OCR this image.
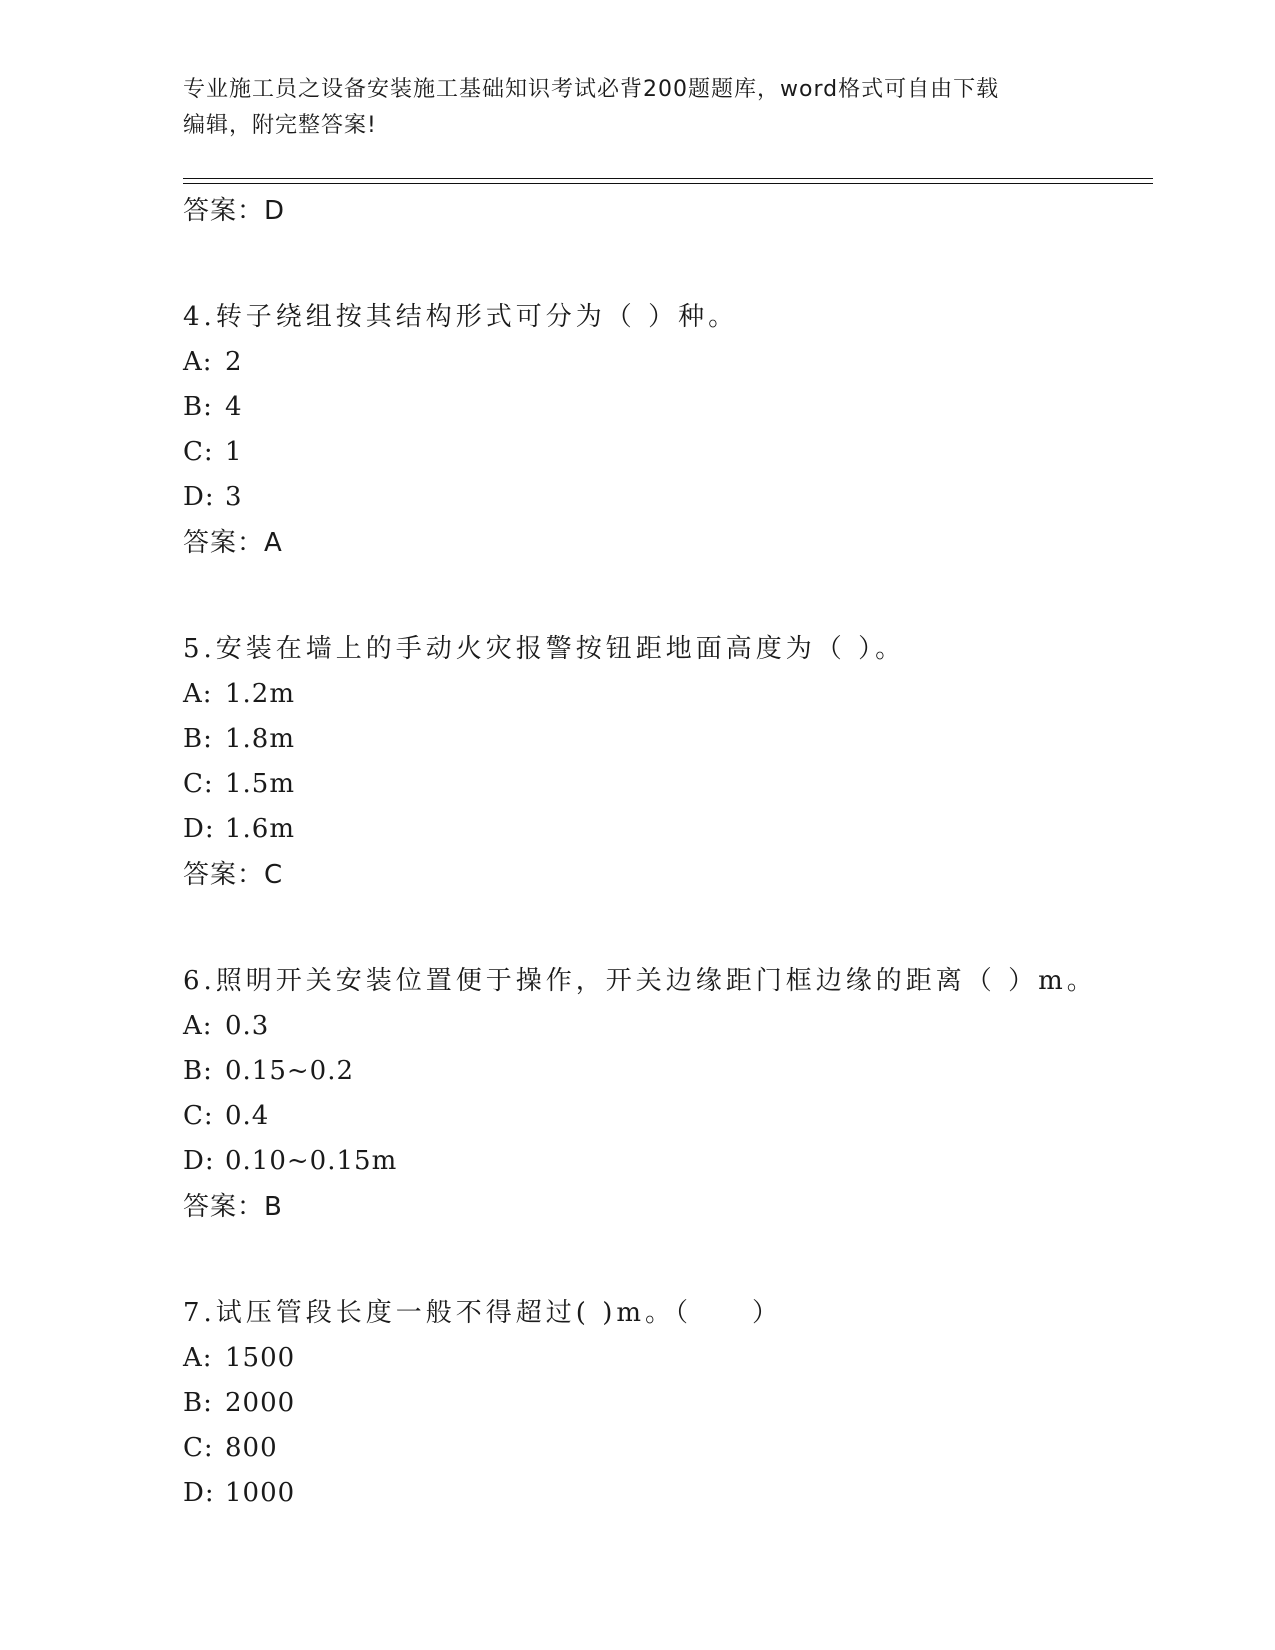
专业施工员之设备安装施工基础知识考试必背200题题库，word格式可自由下载
编辑，附完整答案!
答案：D
4.转子绕组按其结构形式可分为（ ）种。
A: 2
B: 4
C: 1
D: 3
答案：A
5.安装在墙上的手动火灾报警按钮距地面高度为（ ）。
A: 1.2m
B: 1.8m
C: 1.5m
D: 1.6m
答案：C
6.照明开关安装位置便于操作，开关边缘距门框边缘的距离（ ）m。
A: 0.3
B: 0.15~0.2
C: 0.4
D: 0.10~0.15m
答案：B
7.试压管段长度一般不得超过( )m。（　　）
A: 1500
B: 2000
C: 800
D: 1000
